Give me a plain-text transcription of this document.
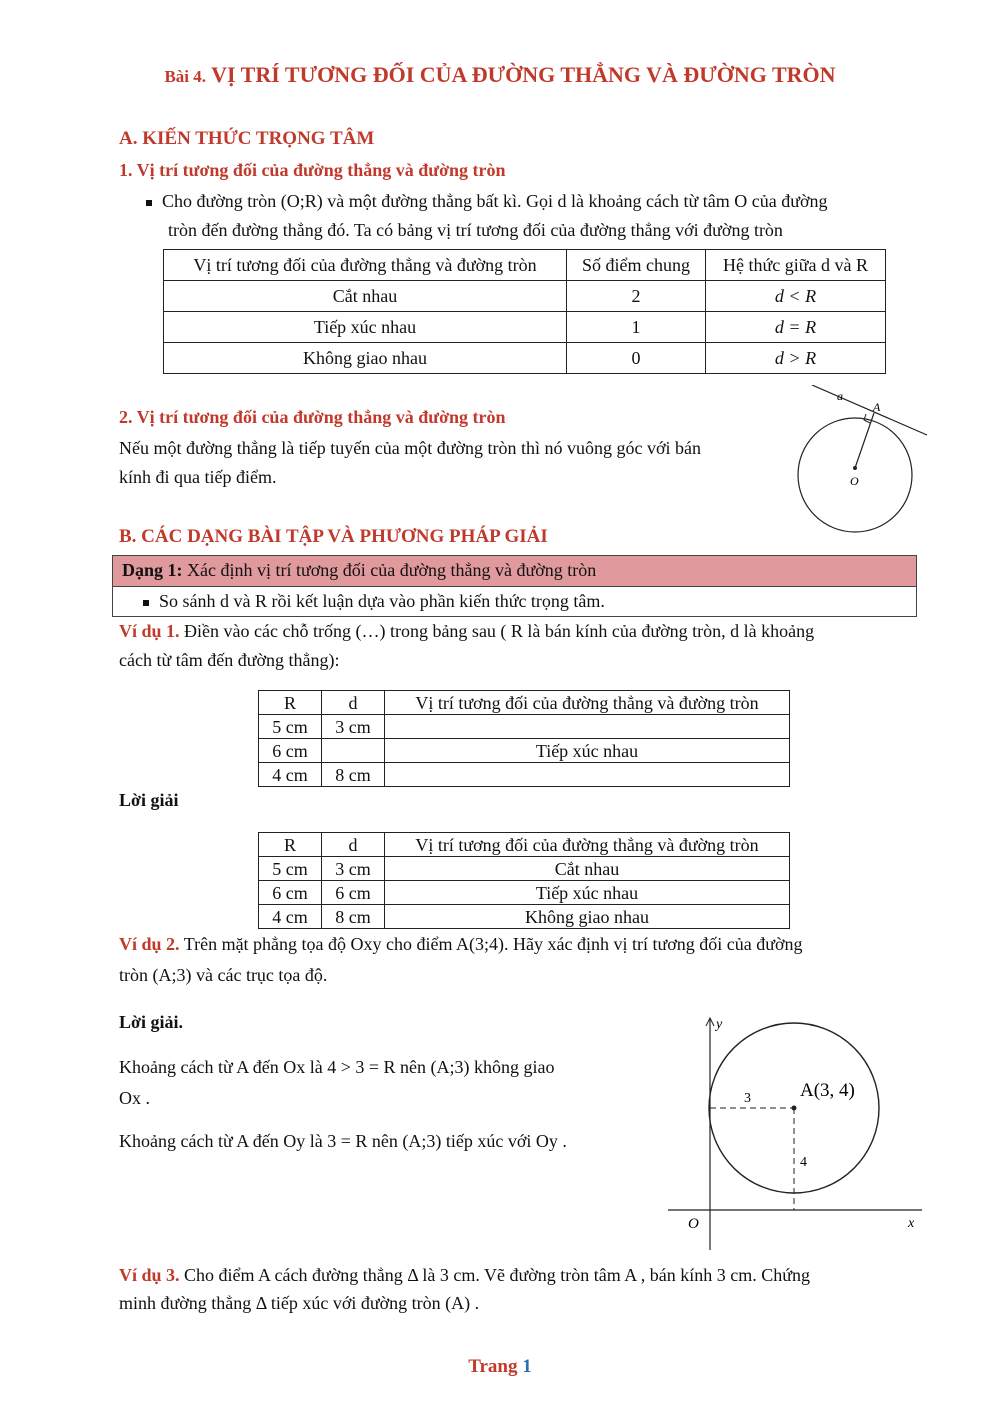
Bài 4. VỊ TRÍ TƯƠNG ĐỐI CỦA ĐƯỜNG THẲNG VÀ ĐƯỜNG TRÒN
A. KIẾN THỨC TRỌNG TÂM
1. Vị trí tương đối của đường thẳng và đường tròn
Cho đường tròn (O;R) và một đường thẳng bất kì. Gọi d là khoảng cách từ tâm O của đường
tròn đến đường thẳng đó. Ta có bảng vị trí tương đối của đường thẳng với đường tròn
Vị trí tương đối của đường thẳng và đường tròn	Số điểm chung	Hệ thức giữa d và R
Cắt nhau	2	d < R
Tiếp xúc nhau	1	d = R
Không giao nhau	0	d > R
2. Vị trí tương đối của đường thẳng và đường tròn
Nếu một đường thẳng là tiếp tuyến của một đường tròn thì nó vuông góc với bán
kính đi qua tiếp điểm.
a
A
O
B. CÁC DẠNG BÀI TẬP VÀ PHƯƠNG PHÁP GIẢI
Dạng 1: Xác định vị trí tương đối của đường thẳng và đường tròn
So sánh d và R rồi kết luận dựa vào phần kiến thức trọng tâm.
Ví dụ 1. Điền vào các chỗ trống (…) trong bảng sau ( R là bán kính của đường tròn, d là khoảng
cách từ tâm đến đường thẳng):
R	d	Vị trí tương đối của đường thẳng và đường tròn
5 cm	3 cm	
6 cm		Tiếp xúc nhau
4 cm	8 cm	
Lời giải
R	d	Vị trí tương đối của đường thẳng và đường tròn
5 cm	3 cm	Cắt nhau
6 cm	6 cm	Tiếp xúc nhau
4 cm	8 cm	Không giao nhau
Ví dụ 2. Trên mặt phẳng tọa độ Oxy cho điểm A(3;4). Hãy xác định vị trí tương đối của đường
tròn (A;3) và các trục tọa độ.
Lời giải.
Khoảng cách từ A đến Ox là 4 > 3 = R nên (A;3) không giao
Ox .
Khoảng cách từ A đến Oy là 3 = R nên (A;3) tiếp xúc với Oy .
y
x
O
A(3, 4)
3
4
Ví dụ 3. Cho điểm A cách đường thẳng Δ là 3 cm. Vẽ đường tròn tâm A , bán kính 3 cm. Chứng
minh đường thẳng Δ tiếp xúc với đường tròn (A) .
Trang 1
